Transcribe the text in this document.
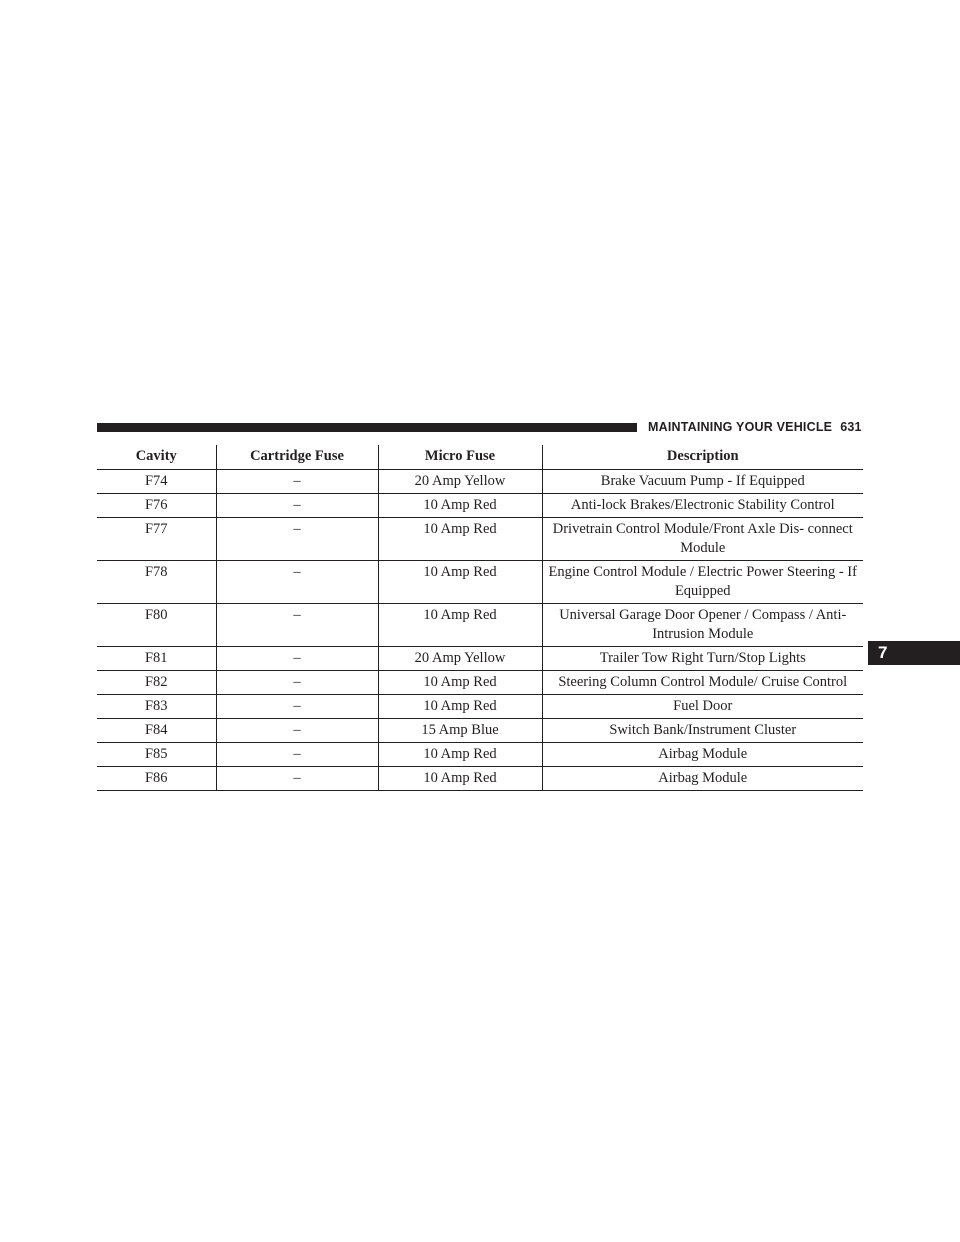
MAINTAINING YOUR VEHICLE 631
7
Cavity	Cartridge Fuse	Micro Fuse	Description
F74	–	20 Amp Yellow	Brake Vacuum Pump - If Equipped
F76	–	10 Amp Red	Anti-lock Brakes/Electronic Stability Control
F77	–	10 Amp Red	Drivetrain Control Module/Front Axle Dis- connect Module
F78	–	10 Amp Red	Engine Control Module / Electric Power Steering - If Equipped
F80	–	10 Amp Red	Universal Garage Door Opener / Compass / Anti-Intrusion Module
F81	–	20 Amp Yellow	Trailer Tow Right Turn/Stop Lights
F82	–	10 Amp Red	Steering Column Control Module/ Cruise Control
F83	–	10 Amp Red	Fuel Door
F84	–	15 Amp Blue	Switch Bank/Instrument Cluster
F85	–	10 Amp Red	Airbag Module
F86	–	10 Amp Red	Airbag Module
